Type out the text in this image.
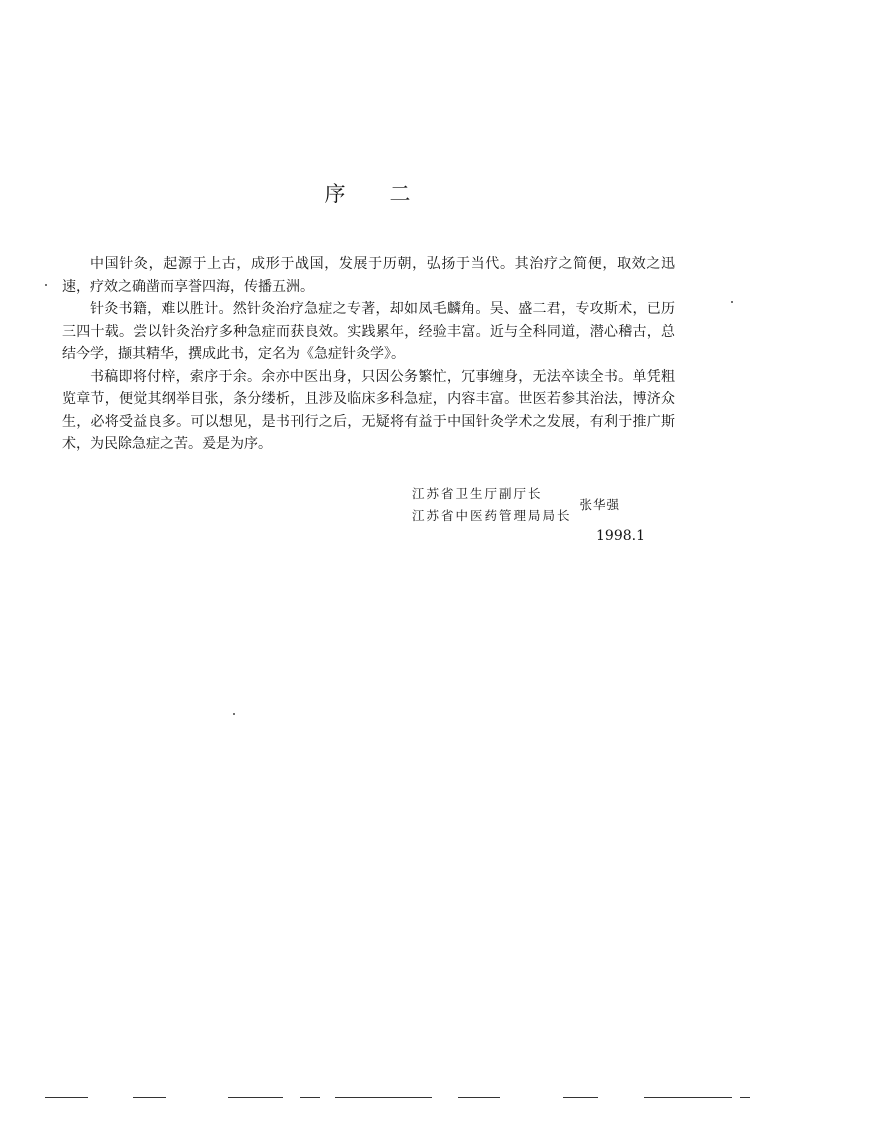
序 二

中国针灸，起源于上古，成形于战国，发展于历朝，弘扬于当代。其治疗之简便，取效之迅速，疗效之确凿而享誉四海，传播五洲。

针灸书籍，难以胜计。然针灸治疗急症之专著，却如凤毛麟角。吴、盛二君，专攻斯术，已历三四十载。尝以针灸治疗多种急症而获良效。实践累年，经验丰富。近与全科同道，潜心稽古，总结今学，撷其精华，撰成此书，定名为《急症针灸学》。

书稿即将付梓，索序于余。余亦中医出身，只因公务繁忙，冗事缠身，无法卒读全书。单凭粗览章节，便觉其纲举目张，条分缕析，且涉及临床多科急症，内容丰富。世医若参其治法，博济众生，必将受益良多。可以想见，是书刊行之后，无疑将有益于中国针灸学术之发展，有利于推广斯术，为民除急症之苦。爰是为序。

江苏省卫生厅副厅长
江苏省中医药管理局局长
张华强
1998.1
